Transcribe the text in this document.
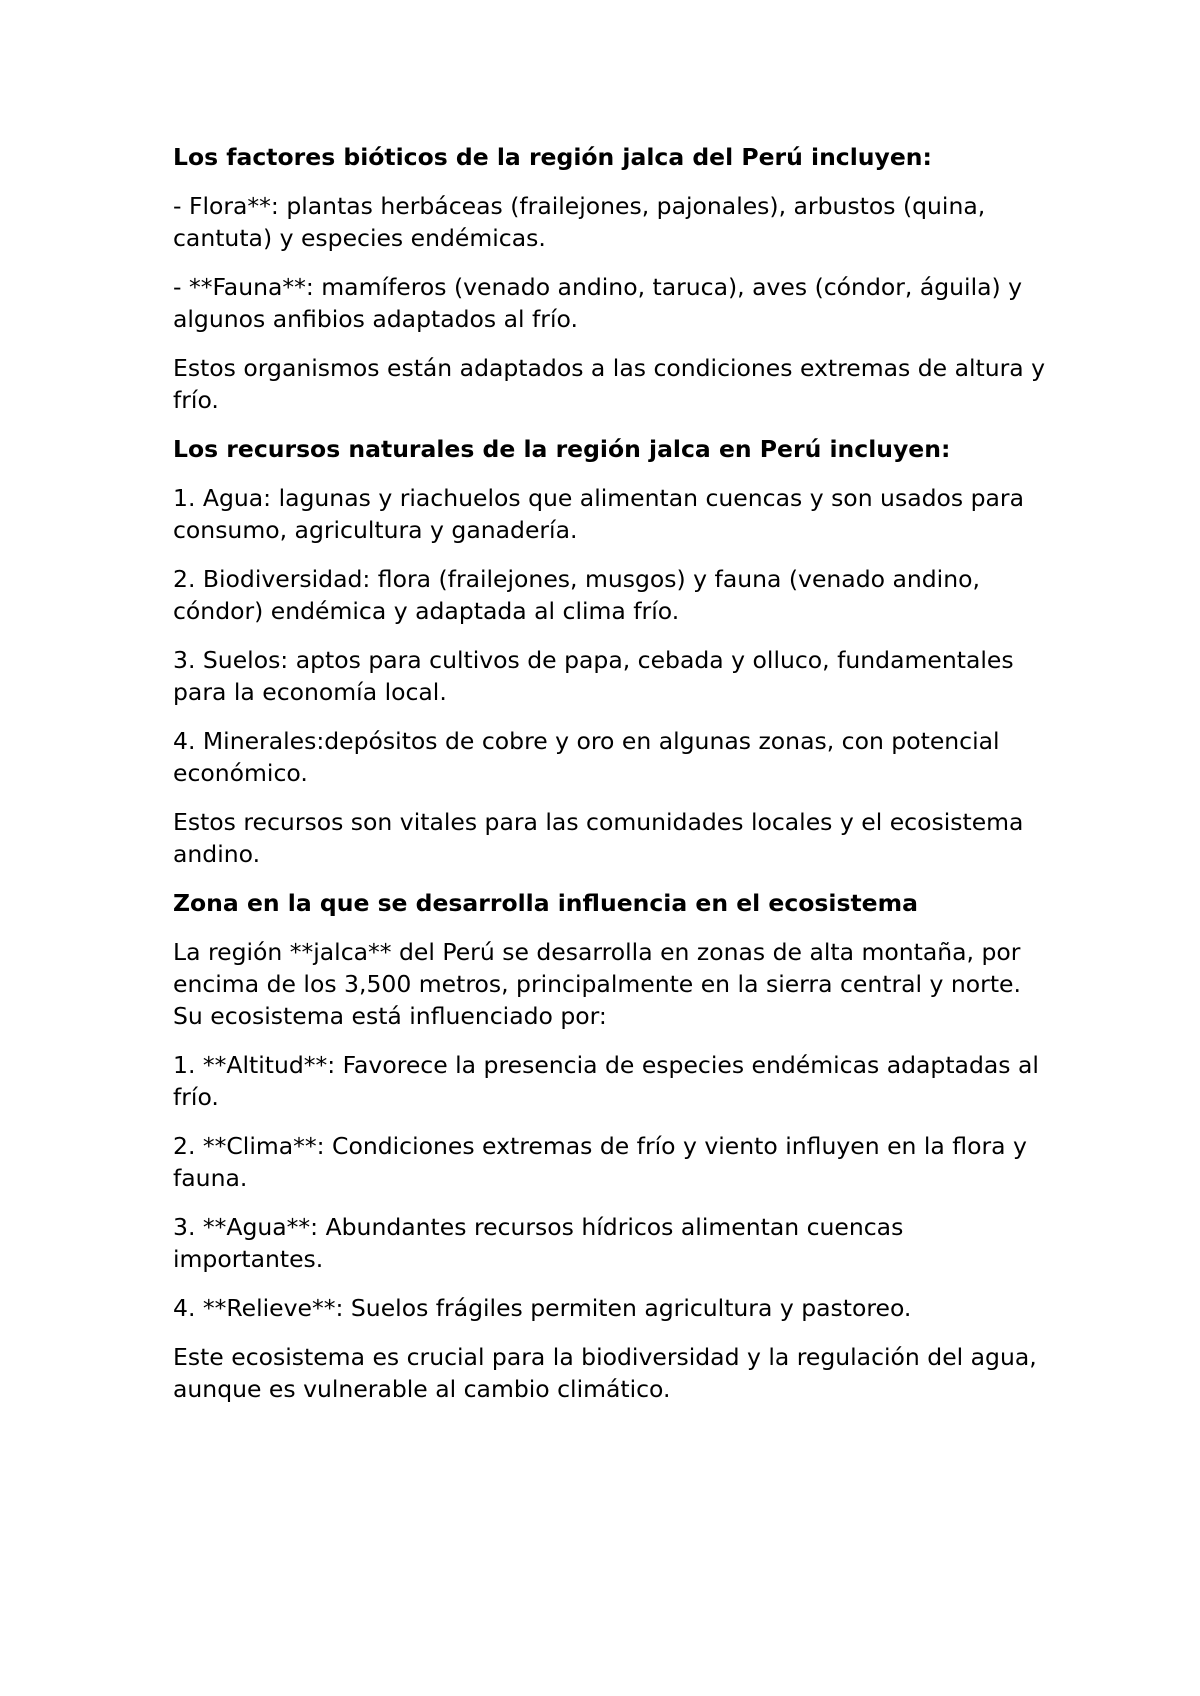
Los factores bióticos de la región jalca del Perú incluyen:

- Flora**: plantas herbáceas (frailejones, pajonales), arbustos (quina, cantuta) y especies endémicas.

- **Fauna**: mamíferos (venado andino, taruca), aves (cóndor, águila) y algunos anfibios adaptados al frío.

Estos organismos están adaptados a las condiciones extremas de altura y frío.

Los recursos naturales de la región jalca en Perú incluyen:

1. Agua: lagunas y riachuelos que alimentan cuencas y son usados para consumo, agricultura y ganadería.

2. Biodiversidad: flora (frailejones, musgos) y fauna (venado andino, cóndor) endémica y adaptada al clima frío.

3. Suelos: aptos para cultivos de papa, cebada y olluco, fundamentales para la economía local.

4. Minerales:depósitos de cobre y oro en algunas zonas, con potencial económico.

Estos recursos son vitales para las comunidades locales y el ecosistema andino.

Zona en la que se desarrolla influencia en el ecosistema

La región **jalca** del Perú se desarrolla en zonas de alta montaña, por encima de los 3,500 metros, principalmente en la sierra central y norte. Su ecosistema está influenciado por:

1. **Altitud**: Favorece la presencia de especies endémicas adaptadas al frío.

2. **Clima**: Condiciones extremas de frío y viento influyen en la flora y fauna.

3. **Agua**: Abundantes recursos hídricos alimentan cuencas importantes.

4. **Relieve**: Suelos frágiles permiten agricultura y pastoreo.

Este ecosistema es crucial para la biodiversidad y la regulación del agua, aunque es vulnerable al cambio climático.
